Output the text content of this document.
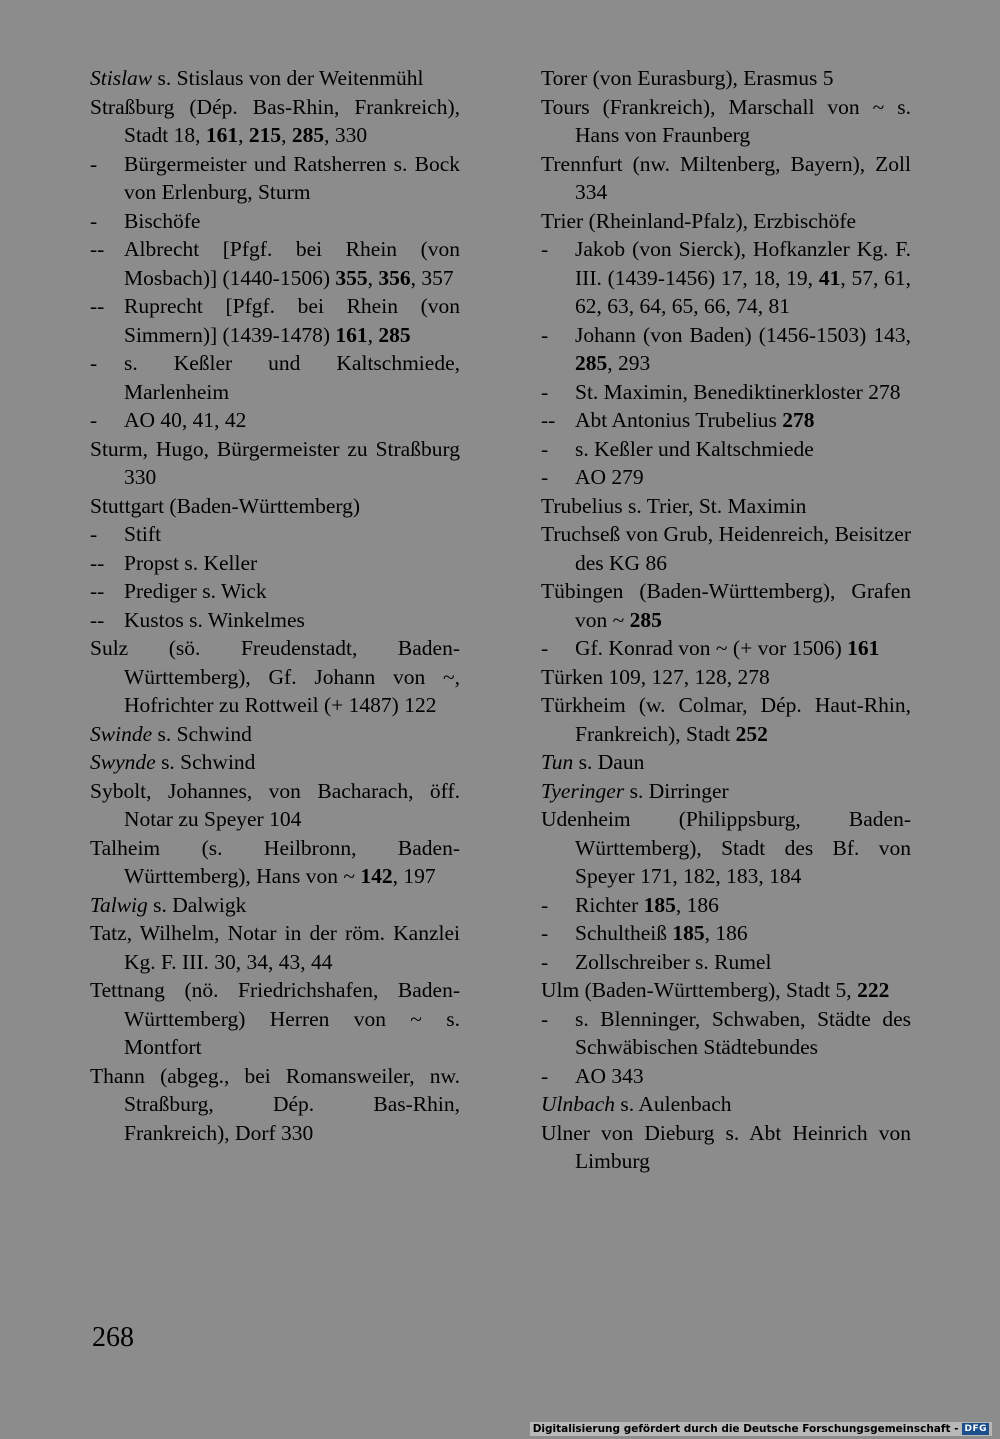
Stislaw s. Stislaus von der Weitenmühl
Straßburg (Dép. Bas-Rhin, Frankreich), Stadt 18, 161, 215, 285, 330
- Bürgermeister und Ratsherren s. Bock von Erlenburg, Sturm
- Bischöfe
-- Albrecht [Pfgf. bei Rhein (von Mosbach)] (1440-1506) 355, 356, 357
-- Ruprecht [Pfgf. bei Rhein (von Simmern)] (1439-1478) 161, 285
- s. Keßler und Kaltschmiede, Marlenheim
- AO 40, 41, 42
Sturm, Hugo, Bürgermeister zu Straßburg 330
Stuttgart (Baden-Württemberg)
- Stift
-- Propst s. Keller
-- Prediger s. Wick
-- Kustos s. Winkelmes
Sulz (sö. Freudenstadt, Baden-Württemberg), Gf. Johann von ~, Hofrichter zu Rottweil (+ 1487) 122
Swinde s. Schwind
Swynde s. Schwind
Sybolt, Johannes, von Bacharach, öff. Notar zu Speyer 104
Talheim (s. Heilbronn, Baden-Württemberg), Hans von ~ 142, 197
Talwig s. Dalwigk
Tatz, Wilhelm, Notar in der röm. Kanzlei Kg. F. III. 30, 34, 43, 44
Tettnang (nö. Friedrichshafen, Baden-Württemberg) Herren von ~ s. Montfort
Thann (abgeg., bei Romansweiler, nw. Straßburg, Dép. Bas-Rhin, Frankreich), Dorf 330
Torer (von Eurasburg), Erasmus 5
Tours (Frankreich), Marschall von ~ s. Hans von Fraunberg
Trennfurt (nw. Miltenberg, Bayern), Zoll 334
Trier (Rheinland-Pfalz), Erzbischöfe
- Jakob (von Sierck), Hofkanzler Kg. F. III. (1439-1456) 17, 18, 19, 41, 57, 61, 62, 63, 64, 65, 66, 74, 81
- Johann (von Baden) (1456-1503) 143, 285, 293
- St. Maximin, Benediktinerkloster 278
-- Abt Antonius Trubelius 278
- s. Keßler und Kaltschmiede
- AO 279
Trubelius s. Trier, St. Maximin
Truchseß von Grub, Heidenreich, Beisitzer des KG 86
Tübingen (Baden-Württemberg), Grafen von ~ 285
- Gf. Konrad von ~ (+ vor 1506) 161
Türken 109, 127, 128, 278
Türkheim (w. Colmar, Dép. Haut-Rhin, Frankreich), Stadt 252
Tun s. Daun
Tyeringer s. Dirringer
Udenheim (Philippsburg, Baden-Württemberg), Stadt des Bf. von Speyer 171, 182, 183, 184
- Richter 185, 186
- Schultheiß 185, 186
- Zollschreiber s. Rumel
Ulm (Baden-Württemberg), Stadt 5, 222
- s. Blenninger, Schwaben, Städte des Schwäbischen Städtebundes
- AO 343
Ulnbach s. Aulenbach
Ulner von Dieburg s. Abt Heinrich von Limburg
268
Digitalisierung gefördert durch die Deutsche Forschungsgemeinschaft - DFG
